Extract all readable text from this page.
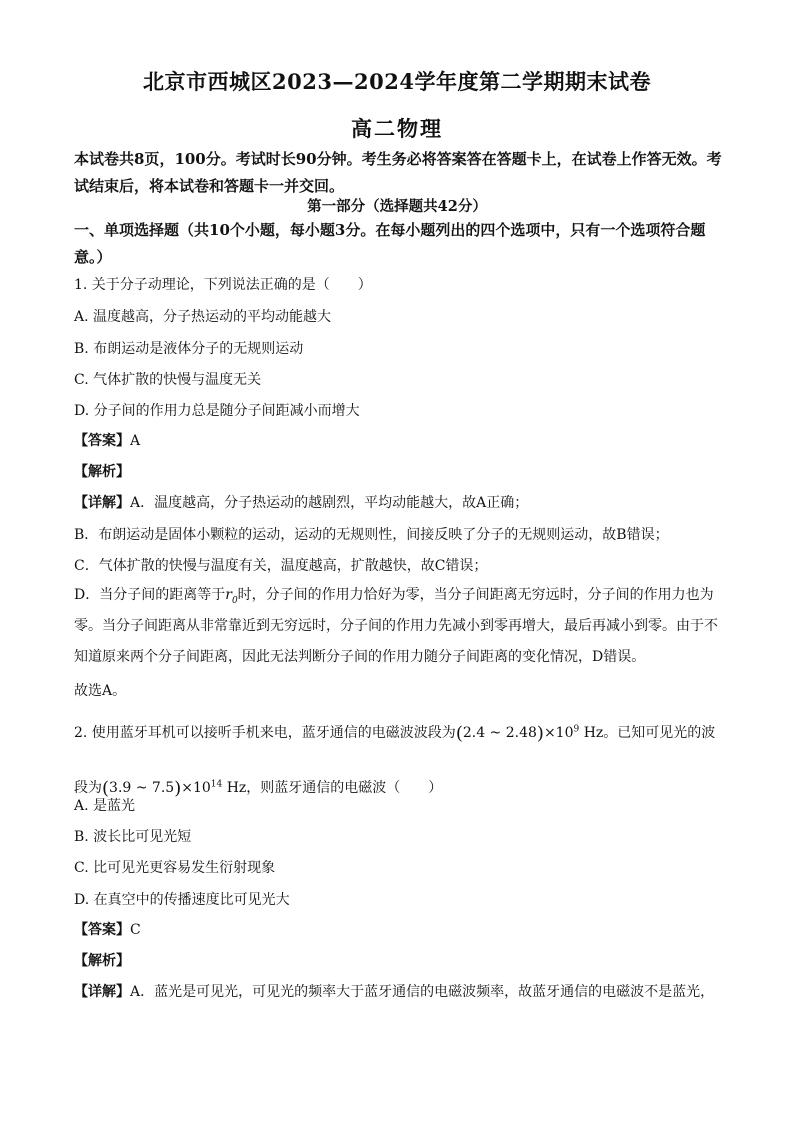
北京市西城区2023—2024学年度第二学期期末试卷
高二物理
本试卷共8页，100分。考试时长90分钟。考生务必将答案答在答题卡上，在试卷上作答无效。考试结束后，将本试卷和答题卡一并交回。
第一部分（选择题共42分）
一、单项选择题（共10个小题，每小题3分。在每小题列出的四个选项中，只有一个选项符合题意。）
1. 关于分子动理论，下列说法正确的是（　　）
A. 温度越高，分子热运动的平均动能越大
B. 布朗运动是液体分子的无规则运动
C. 气体扩散的快慢与温度无关
D. 分子间的作用力总是随分子间距减小而增大
【答案】A
【解析】
【详解】A．温度越高，分子热运动的越剧烈，平均动能越大，故A正确；
B．布朗运动是固体小颗粒的运动，运动的无规则性，间接反映了分子的无规则运动，故B错误；
C．气体扩散的快慢与温度有关，温度越高，扩散越快，故C错误；
D．当分子间的距离等于$r_0$时，分子间的作用力恰好为零，当分子间距离无穷远时，分子间的作用力也为零。当分子间距离从非常靠近到无穷远时，分子间的作用力先减小到零再增大，最后再减小到零。由于不知道原来两个分子间距离，因此无法判断分子间的作用力随分子间距离的变化情况，D错误。
故选A。
2. 使用蓝牙耳机可以接听手机来电，蓝牙通信的电磁波波段为(2.4 ~ $2.48)\times 10^9$ Hz。已知可见光的波段为(3.9 ~ $7.5)\times 10^{14}$ Hz，则蓝牙通信的电磁波（　　）
A. 是蓝光
B. 波长比可见光短
C. 比可见光更容易发生衍射现象
D. 在真空中的传播速度比可见光大
【答案】C
【解析】
【详解】A．蓝光是可见光，可见光的频率大于蓝牙通信的电磁波频率，故蓝牙通信的电磁波不是蓝光，
